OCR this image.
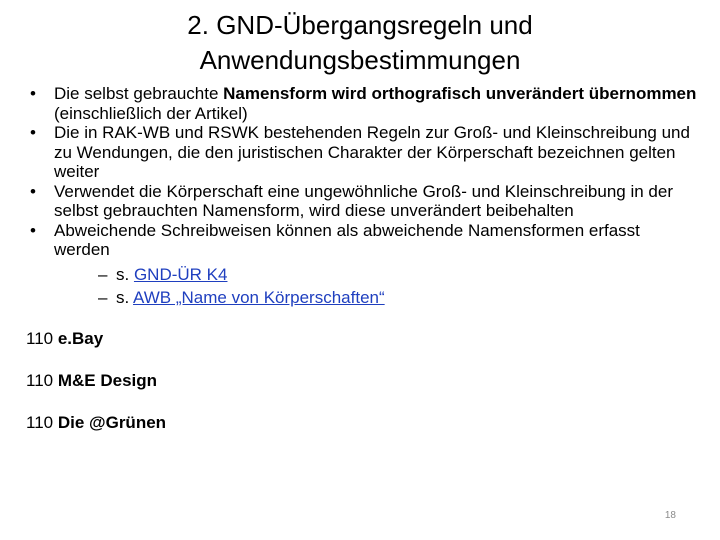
2. GND-Übergangsregeln und
Anwendungsbestimmungen
•	Die selbst gebrauchte Namensform wird orthografisch unverändert übernommen (einschließlich der Artikel)
•	Die in RAK-WB und RSWK bestehenden Regeln zur Groß- und Kleinschreibung und zu Wendungen, die den juristischen Charakter der Körperschaft bezeichnen gelten weiter
•	Verwendet die Körperschaft eine ungewöhnliche Groß- und Kleinschreibung in der selbst gebrauchten Namensform, wird diese unverändert beibehalten
•	Abweichende Schreibweisen können als abweichende Namensformen erfasst werden
– s. GND-ÜR K4
– s. AWB „Name von Körperschaften“
110 e.Bay
110 M&E Design
110 Die @Grünen
18
